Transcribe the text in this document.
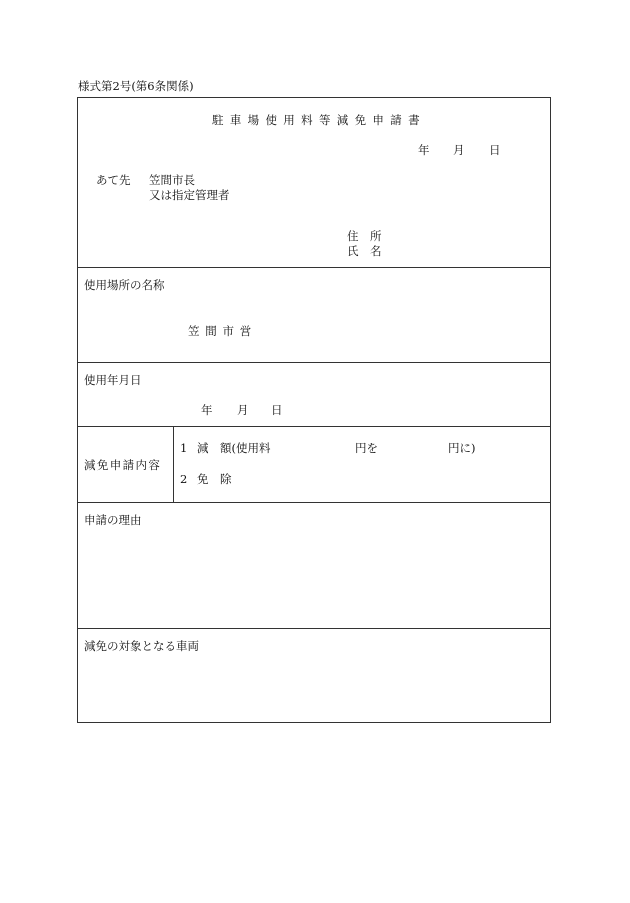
様式第2号(第6条関係)
駐車場使用料等減免申請書
年 月 日
あて先 笠間市長
又は指定管理者
住　所
氏　名
使用場所の名称
笠間市営
使用年月日
年 月 日
減免申請内容
1 減　額(使用料	円を	円に)
2 免　除
申請の理由
減免の対象となる車両
